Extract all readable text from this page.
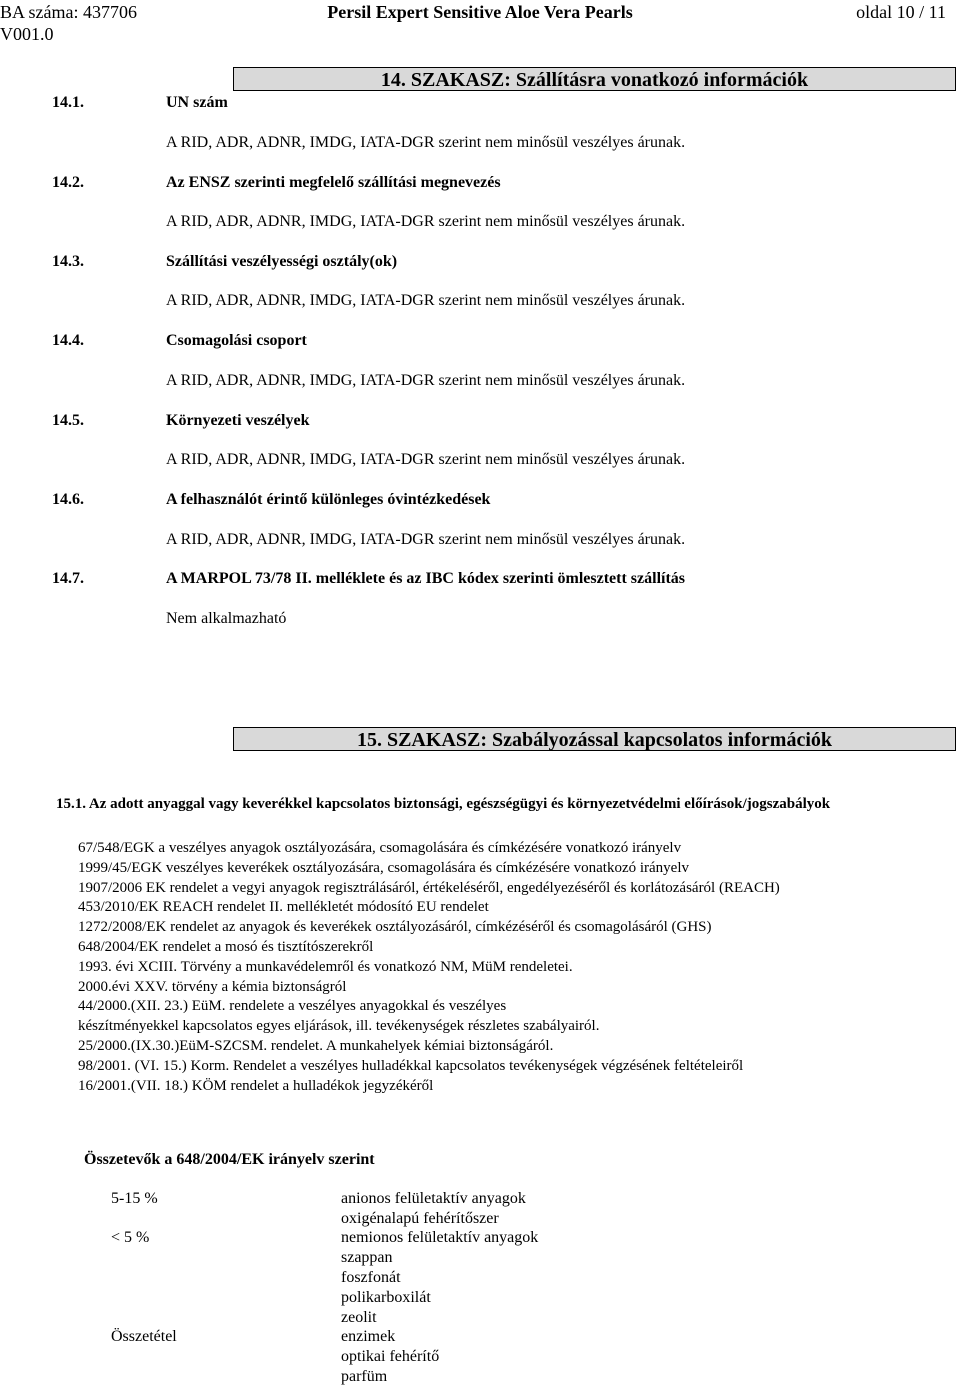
BA száma: 437706
V001.0
Persil Expert Sensitive Aloe Vera Pearls	oldal 10 / 11
14. SZAKASZ: Szállításra vonatkozó információk
14.1.	UN szám
A RID, ADR, ADNR, IMDG, IATA-DGR szerint nem minősül veszélyes árunak.
14.2.	Az ENSZ szerinti megfelelő szállítási megnevezés
A RID, ADR, ADNR, IMDG, IATA-DGR szerint nem minősül veszélyes árunak.
14.3.	Szállítási veszélyességi osztály(ok)
A RID, ADR, ADNR, IMDG, IATA-DGR szerint nem minősül veszélyes árunak.
14.4.	Csomagolási csoport
A RID, ADR, ADNR, IMDG, IATA-DGR szerint nem minősül veszélyes árunak.
14.5.	Környezeti veszélyek
A RID, ADR, ADNR, IMDG, IATA-DGR szerint nem minősül veszélyes árunak.
14.6.	A felhasználót érintő különleges óvintézkedések
A RID, ADR, ADNR, IMDG, IATA-DGR szerint nem minősül veszélyes árunak.
14.7.	A MARPOL 73/78 II. melléklete és az IBC kódex szerinti ömlesztett szállítás
Nem alkalmazható
15. SZAKASZ: Szabályozással kapcsolatos információk
15.1. Az adott anyaggal vagy keverékkel kapcsolatos biztonsági, egészségügyi és környezetvédelmi előírások/jogszabályok
67/548/EGK a veszélyes anyagok osztályozására, csomagolására és címkézésére vonatkozó irányelv
1999/45/EGK veszélyes keverékek osztályozására, csomagolására és címkézésére vonatkozó irányelv
1907/2006 EK rendelet a vegyi anyagok regisztrálásáról, értékeléséről, engedélyezéséről és korlátozásáról (REACH)
453/2010/EK REACH rendelet II. mellékletét módosító EU rendelet
1272/2008/EK rendelet az anyagok és keverékek osztályozásáról, címkézéséről és csomagolásáról (GHS)
648/2004/EK rendelet a mosó és tisztítószerekről
1993. évi XCIII. Törvény a munkavédelemről és vonatkozó NM, MüM rendeletei.
2000.évi XXV. törvény a kémia biztonságról
44/2000.(XII. 23.) EüM. rendelete a veszélyes anyagokkal és veszélyes
készítményekkel kapcsolatos egyes eljárások, ill. tevékenységek részletes szabályairól.
25/2000.(IX.30.)EüM-SZCSM. rendelet. A munkahelyek kémiai biztonságáról.
98/2001. (VI. 15.) Korm. Rendelet a veszélyes hulladékkal kapcsolatos tevékenységek végzésének feltételeiről
16/2001.(VII. 18.) KÖM rendelet a hulladékok jegyzékéről
Összetevők a 648/2004/EK irányelv szerint
5-15 %	anionos felületaktív anyagok
oxigénalapú fehérítőszer
< 5 %	nemionos felületaktív anyagok
szappan
foszfonát
polikarboxilát
zeolit
Összetétel	enzimek
optikai fehérítő
parfüm
